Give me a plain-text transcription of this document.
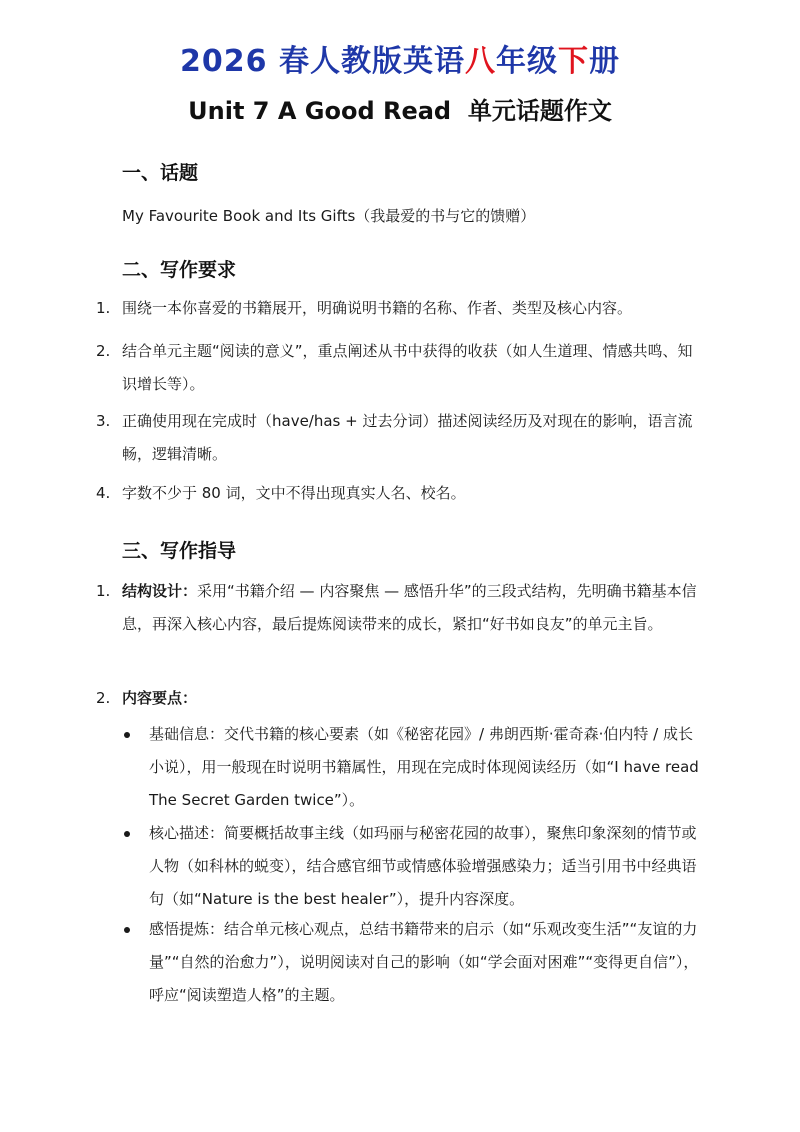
2026 春人教版英语八年级下册
Unit 7 A Good Read  单元话题作文
一、话题
My Favourite Book and Its Gifts（我最爱的书与它的馈赠）
二、写作要求
1. 围绕一本你喜爱的书籍展开，明确说明书籍的名称、作者、类型及核心内容。
2. 结合单元主题“阅读的意义”，重点阐述从书中获得的收获（如人生道理、情感共鸣、知识增长等）。
3. 正确使用现在完成时（have/has + 过去分词）描述阅读经历及对现在的影响，语言流畅，逻辑清晰。
4. 字数不少于 80 词，文中不得出现真实人名、校名。
三、写作指导
1. 结构设计：采用“书籍介绍 — 内容聚焦 — 感悟升华”的三段式结构，先明确书籍基本信息，再深入核心内容，最后提炼阅读带来的成长，紧扣“好书如良友”的单元主旨。
2. 内容要点：
基础信息：交代书籍的核心要素（如《秘密花园》/ 弗朗西斯·霍奇森·伯内特 / 成长小说），用一般现在时说明书籍属性，用现在完成时体现阅读经历（如“I have read The Secret Garden twice”）。
核心描述：简要概括故事主线（如玛丽与秘密花园的故事），聚焦印象深刻的情节或人物（如科林的蜕变），结合感官细节或情感体验增强感染力；适当引用书中经典语句（如“Nature is the best healer”），提升内容深度。
感悟提炼：结合单元核心观点，总结书籍带来的启示（如“乐观改变生活”“友谊的力量”“自然的治愈力”），说明阅读对自己的影响（如“学会面对困难”“变得更自信”），呼应“阅读塑造人格”的主题。
